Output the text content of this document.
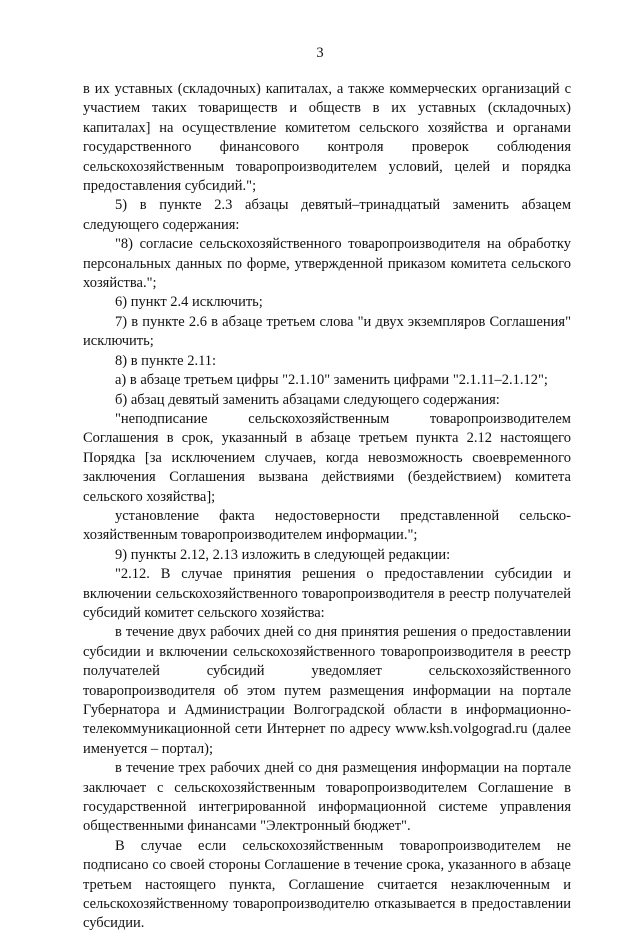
3

в их уставных (складочных) капиталах, а также коммерческих организаций с участием таких товариществ и обществ в их уставных (складочных) капиталах] на осуществление комитетом сельского хозяйства и органами государственного финансового контроля проверок соблюдения сельскохозяйственным товаропроизводителем условий, целей и порядка предоставления субсидий.";

5) в пункте 2.3 абзацы девятый–тринадцатый заменить абзацем следующего содержания:

"8) согласие сельскохозяйственного товаропроизводителя на обработку персональных данных по форме, утвержденной приказом комитета сельского хозяйства.";

6) пункт 2.4 исключить;

7) в пункте 2.6 в абзаце третьем слова "и двух экземпляров Соглашения" исключить;

8) в пункте 2.11:

а) в абзаце третьем цифры "2.1.10" заменить цифрами "2.1.11–2.1.12";

б) абзац девятый заменить абзацами следующего содержания:

"неподписание сельскохозяйственным товаропроизводителем Соглашения в срок, указанный в абзаце третьем пункта 2.12 настоящего Порядка [за исключением случаев, когда невозможность своевременного заключения Соглашения вызвана действиями (бездействием) комитета сельского хозяйства];

установление факта недостоверности представленной сельско-хозяйственным товаропроизводителем информации.";

9) пункты 2.12, 2.13 изложить в следующей редакции:

"2.12. В случае принятия решения о предоставлении субсидии и включении сельскохозяйственного товаропроизводителя в реестр получателей субсидий комитет сельского хозяйства:

в течение двух рабочих дней со дня принятия решения о предоставлении субсидии и включении сельскохозяйственного товаропроизводителя в реестр получателей субсидий уведомляет сельскохозяйственного товаропроизводителя об этом путем размещения информации на портале Губернатора и Администрации Волгоградской области в информационно-телекоммуникационной сети Интернет по адресу www.ksh.volgograd.ru (далее именуется – портал);

в течение трех рабочих дней со дня размещения информации на портале заключает с сельскохозяйственным товаропроизводителем Соглашение в государственной интегрированной информационной системе управления общественными финансами "Электронный бюджет".

В случае если сельскохозяйственным товаропроизводителем не подписано со своей стороны Соглашение в течение срока, указанного в абзаце третьем настоящего пункта, Соглашение считается незаключенным и сельскохозяйственному товаропроизводителю отказывается в предоставлении субсидии.
